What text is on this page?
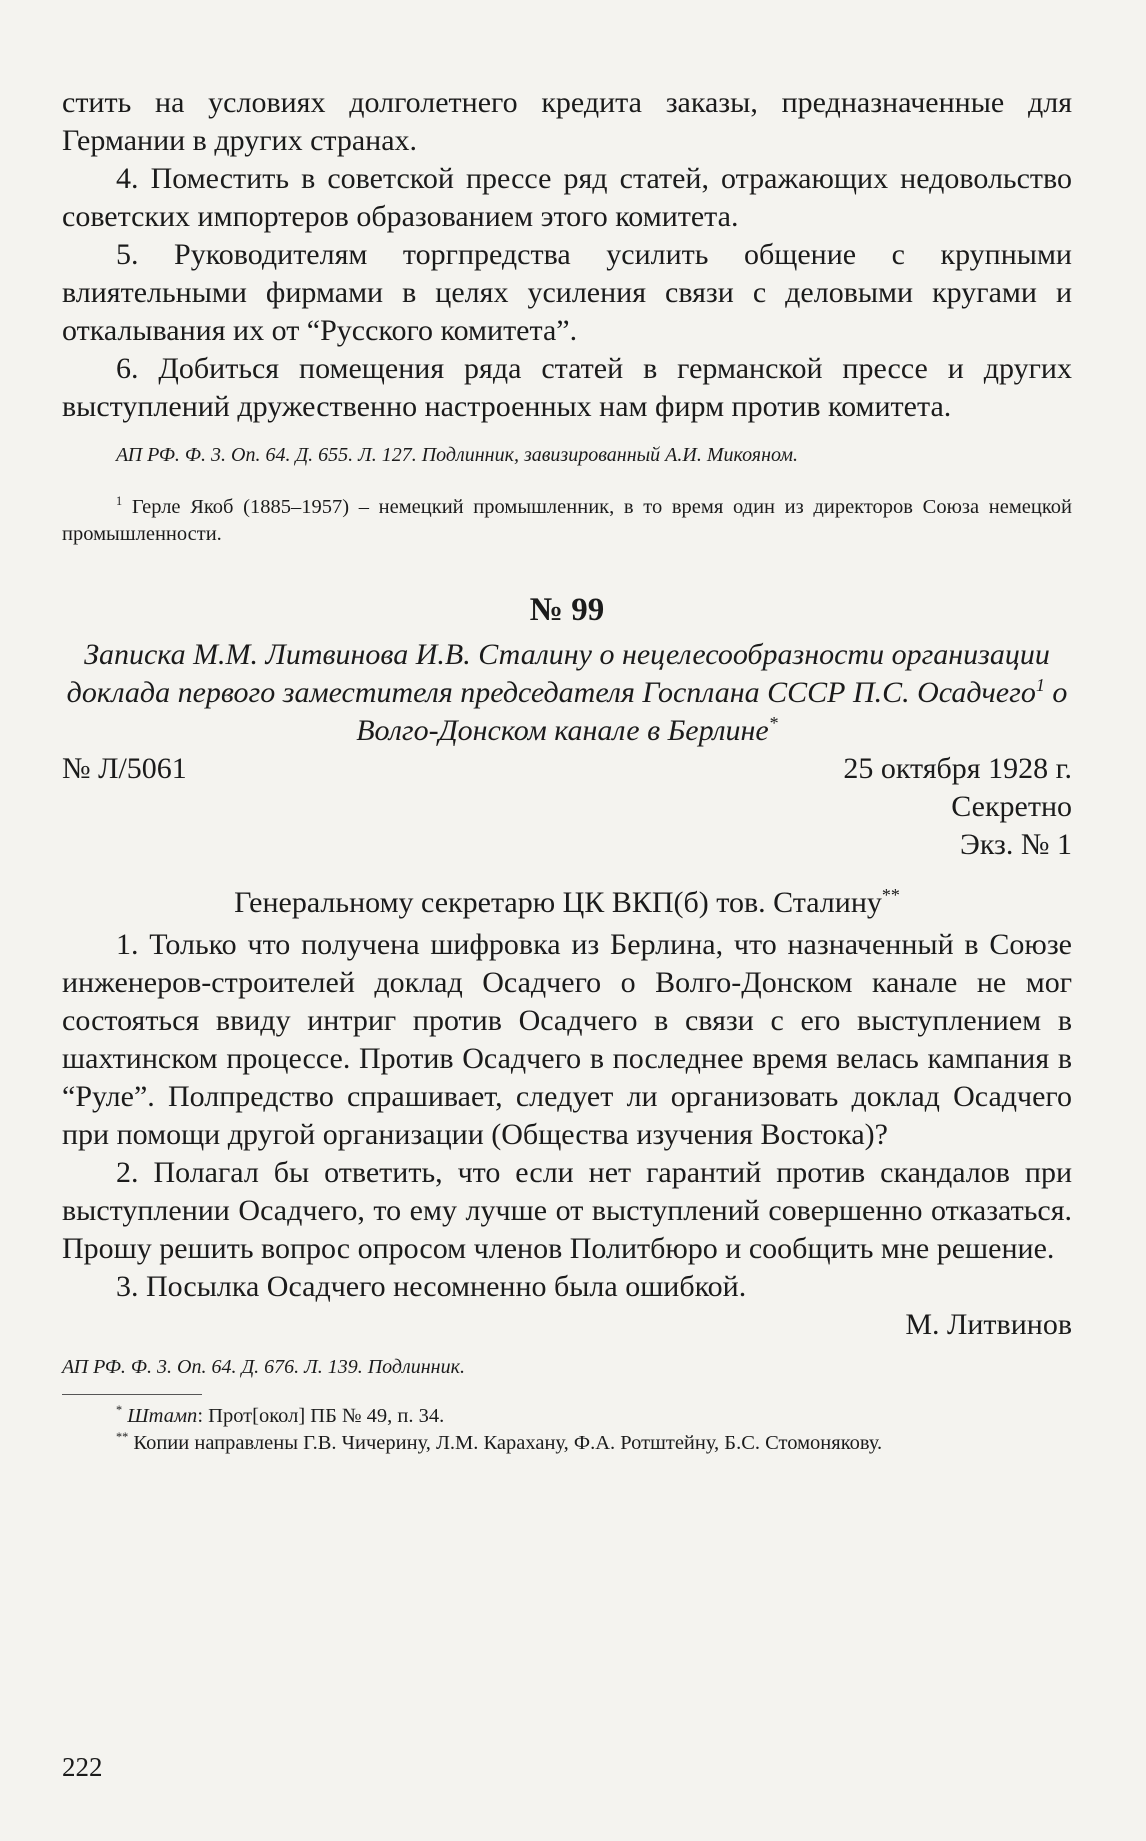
стить на условиях долголетнего кредита заказы, предназначенные для Германии в других странах.

4. Поместить в советской прессе ряд статей, отражающих недовольство советских импортеров образованием этого комитета.

5. Руководителям торгпредства усилить общение с крупными влиятельными фирмами в целях усиления связи с деловыми кругами и откалывания их от “Русского комитета”.

6. Добиться помещения ряда статей в германской прессе и других выступлений дружественно настроенных нам фирм против комитета.

АП РФ. Ф. 3. Оп. 64. Д. 655. Л. 127. Подлинник, завизированный А.И. Микояном.

$^1$ Герле Якоб (1885–1957) – немецкий промышленник, в то время один из директоров Союза немецкой промышленности.

№ 99

Записка М.М. Литвинова И.В. Сталину о нецелесообразности организации доклада первого заместителя председателя Госплана СССР П.С. Осадчего$^1$ о Волго-Донском канале в Берлине*

№ Л/5061	25 октября 1928 г.
Секретно
Экз. № 1
Генеральному секретарю ЦК ВКП(б) тов. Сталину**

1. Только что получена шифровка из Берлина, что назначенный в Союзе инженеров-строителей доклад Осадчего о Волго-Донском канале не мог состояться ввиду интриг против Осадчего в связи с его выступлением в шахтинском процессе. Против Осадчего в последнее время велась кампания в “Руле”. Полпредство спрашивает, следует ли организовать доклад Осадчего при помощи другой организации (Общества изучения Востока)?

2. Полагал бы ответить, что если нет гарантий против скандалов при выступлении Осадчего, то ему лучше от выступлений совершенно отказаться. Прошу решить вопрос опросом членов Политбюро и сообщить мне решение.

3. Посылка Осадчего несомненно была ошибкой.

М. Литвинов

АП РФ. Ф. 3. Оп. 64. Д. 676. Л. 139. Подлинник.

* Штамп: Прот[окол] ПБ № 49, п. 34.

** Копии направлены Г.В. Чичерину, Л.М. Карахану, Ф.А. Ротштейну, Б.С. Стомонякову.

222
